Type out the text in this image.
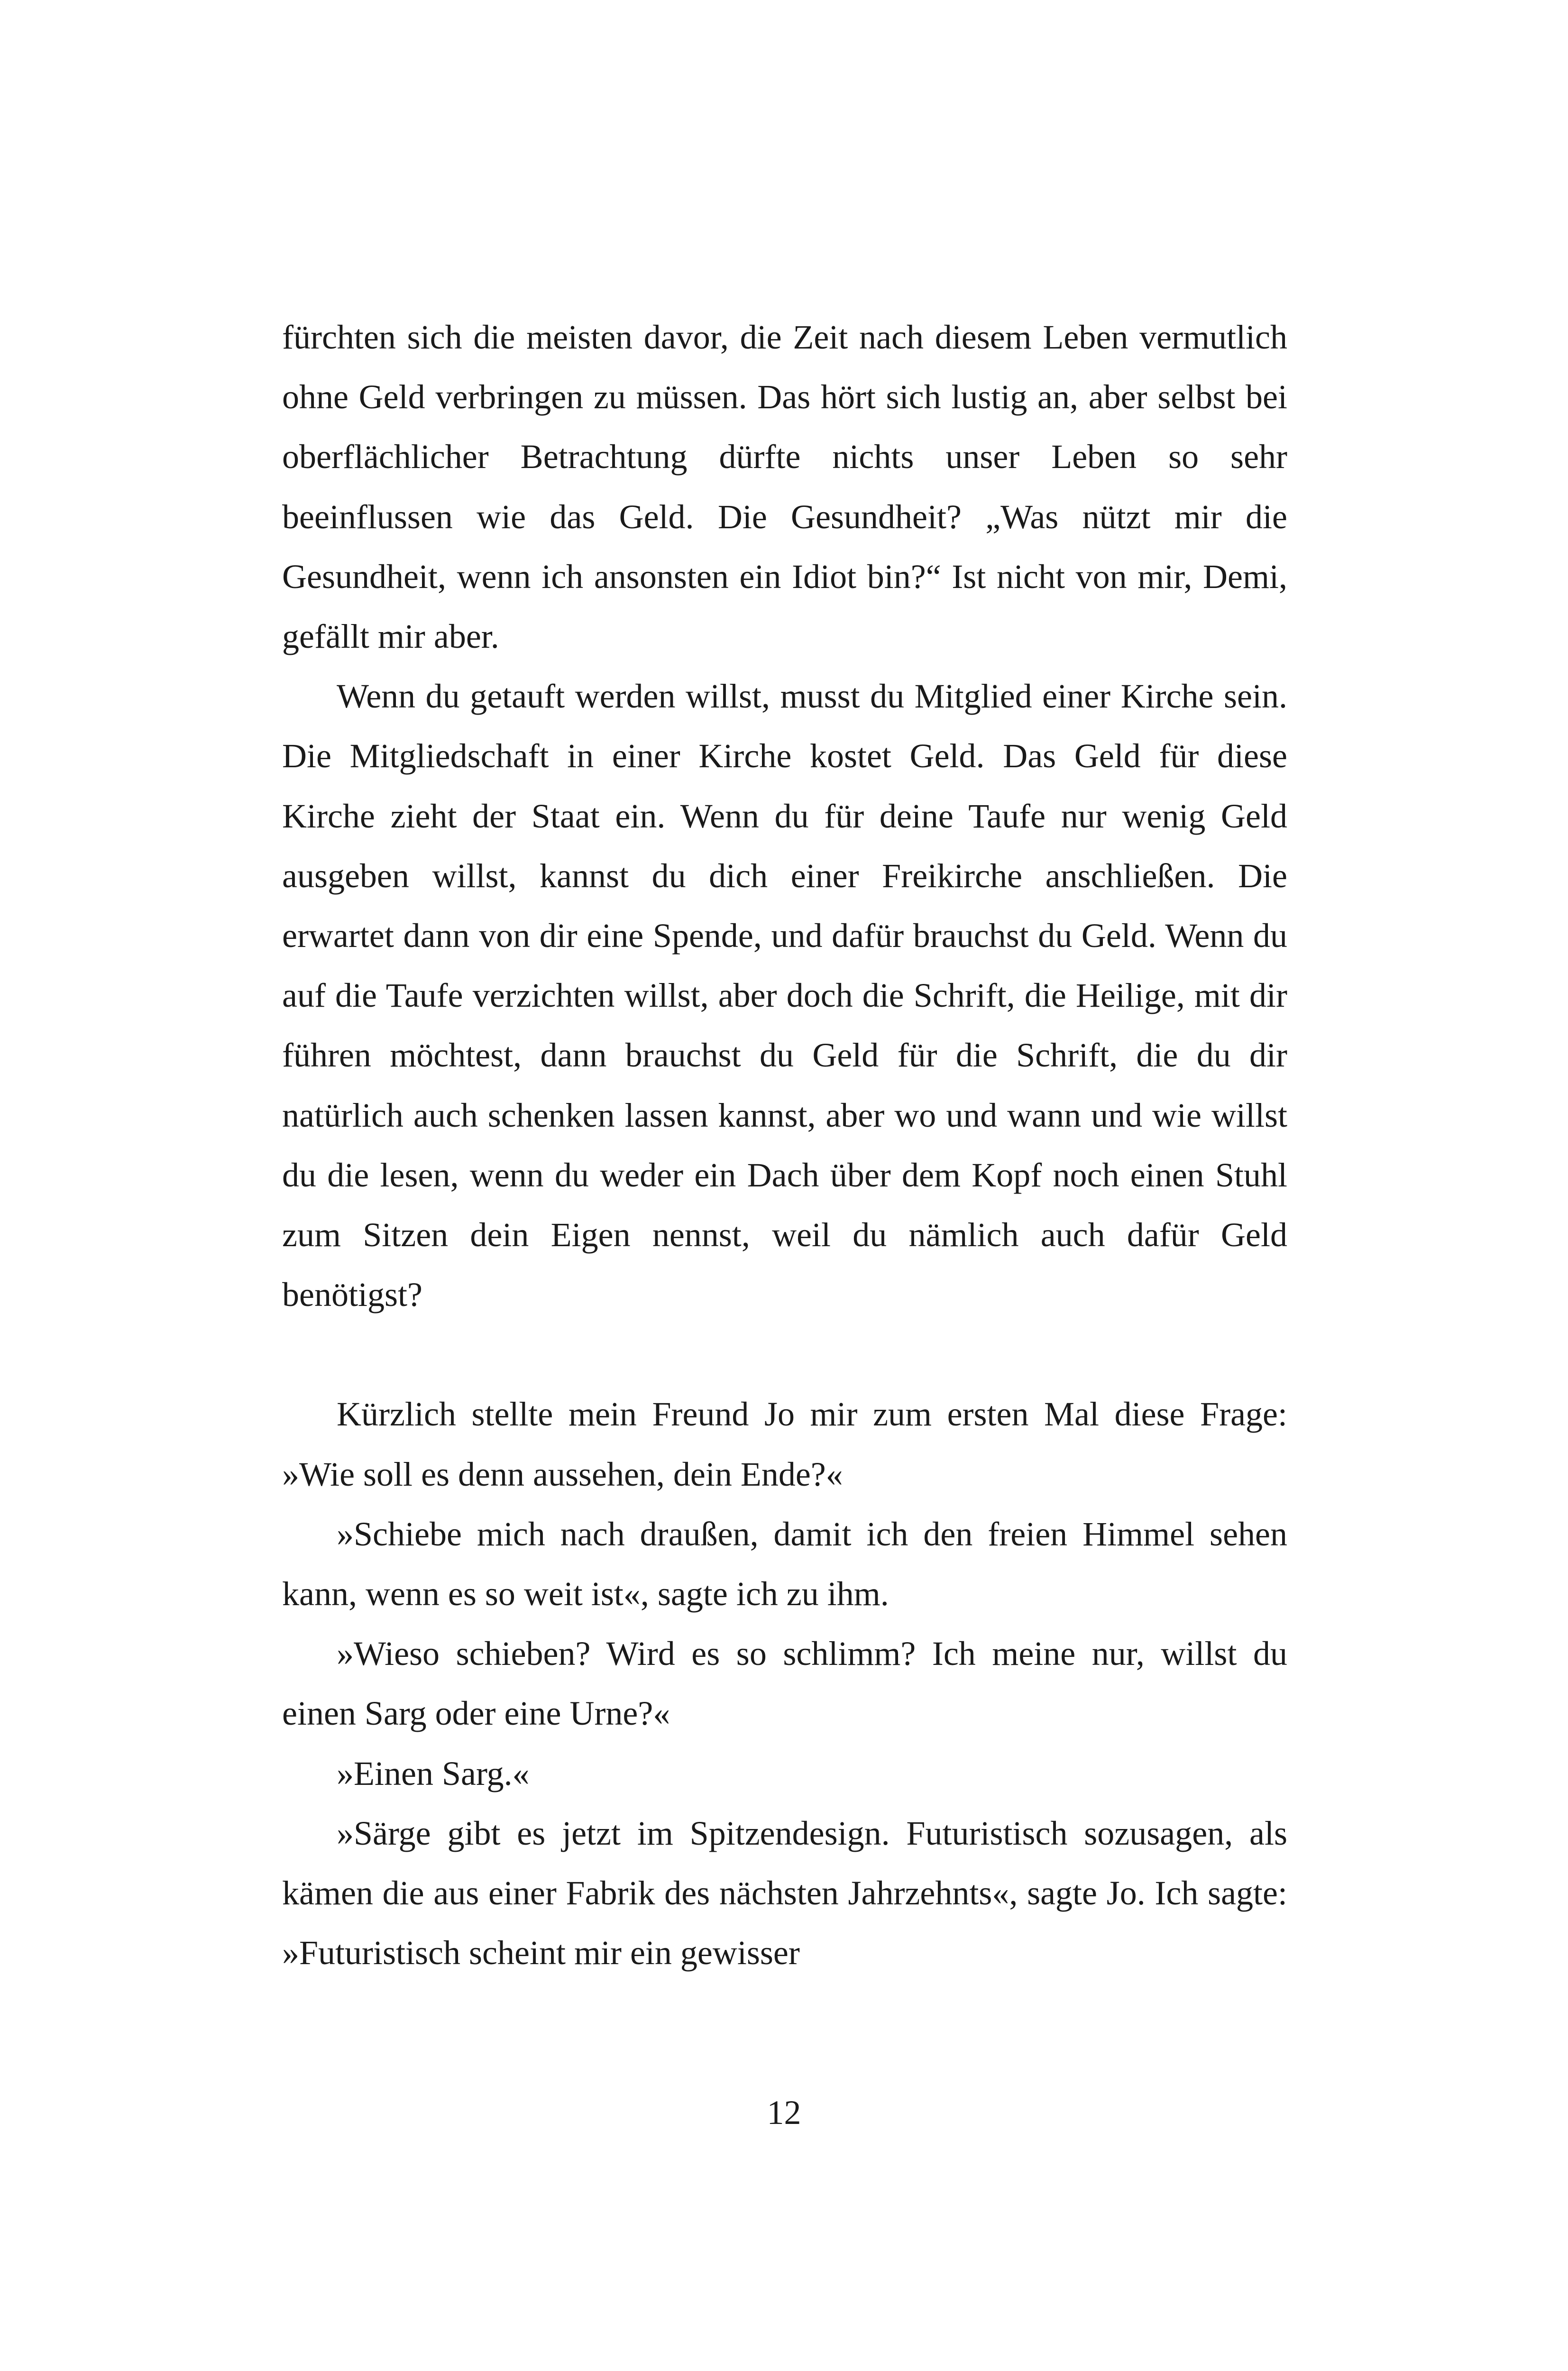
fürchten sich die meisten davor, die Zeit nach diesem Leben vermutlich ohne Geld verbringen zu müssen. Das hört sich lustig an, aber selbst bei oberflächlicher Betrachtung dürfte nichts unser Leben so sehr beeinflussen wie das Geld. Die Gesundheit? „Was nützt mir die Gesundheit, wenn ich ansonsten ein Idiot bin?“ Ist nicht von mir, Demi, gefällt mir aber.

Wenn du getauft werden willst, musst du Mitglied einer Kirche sein. Die Mitgliedschaft in einer Kirche kostet Geld. Das Geld für diese Kirche zieht der Staat ein. Wenn du für deine Taufe nur wenig Geld ausgeben willst, kannst du dich einer Freikirche anschließen. Die erwartet dann von dir eine Spende, und dafür brauchst du Geld. Wenn du auf die Taufe verzichten willst, aber doch die Schrift, die Heilige, mit dir führen möchtest, dann brauchst du Geld für die Schrift, die du dir natürlich auch schenken lassen kannst, aber wo und wann und wie willst du die lesen, wenn du weder ein Dach über dem Kopf noch einen Stuhl zum Sitzen dein Eigen nennst, weil du nämlich auch dafür Geld benötigst?

Kürzlich stellte mein Freund Jo mir zum ersten Mal diese Frage: »Wie soll es denn aussehen, dein Ende?«

»Schiebe mich nach draußen, damit ich den freien Himmel sehen kann, wenn es so weit ist«, sagte ich zu ihm.

»Wieso schieben? Wird es so schlimm? Ich meine nur, willst du einen Sarg oder eine Urne?«

»Einen Sarg.«

»Särge gibt es jetzt im Spitzendesign. Futuristisch sozusagen, als kämen die aus einer Fabrik des nächsten Jahrzehnts«, sagte Jo. Ich sagte: »Futuristisch scheint mir ein gewisser

12
